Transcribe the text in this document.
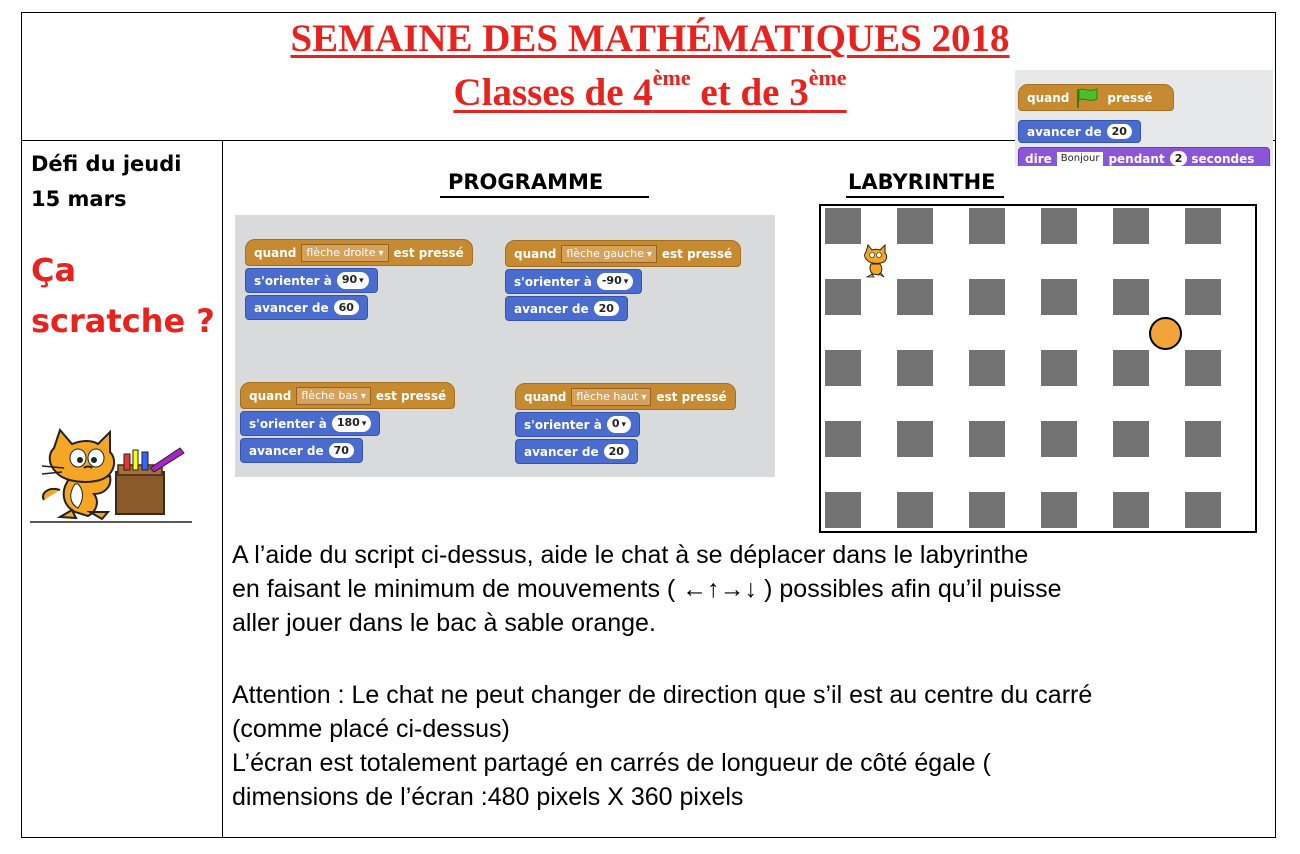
SEMAINE DES MATHÉMATIQUES 2018
Classes de 4ème et de 3ème
quand	pressé
avancer de 20
dire Bonjour pendant 2 secondes
Défi du jeudi
15 mars
Ça
scratche ?
PROGRAMME
quand flèche droite ▾	est pressé
s'orienter à 90 ▾
avancer de 60
quand flèche gauche ▾	est pressé
s'orienter à -90 ▾
avancer de 20
quand flèche bas ▾	est pressé
s'orienter à 180 ▾
avancer de 70
quand flèche haut ▾	est pressé
s'orienter à 0 ▾
avancer de 20
LABYRINTHE
A l’aide du script ci-dessus, aide le chat à se déplacer dans le labyrinthe
en faisant le minimum de mouvements ( ←↑→↓ ) possibles afin qu’il puisse
aller jouer dans le bac à sable orange.
Attention : Le chat ne peut changer de direction que s’il est au centre du carré
(comme placé ci-dessus)
L’écran est totalement partagé en carrés de longueur de côté égale (
dimensions de l’écran :480 pixels X 360 pixels
